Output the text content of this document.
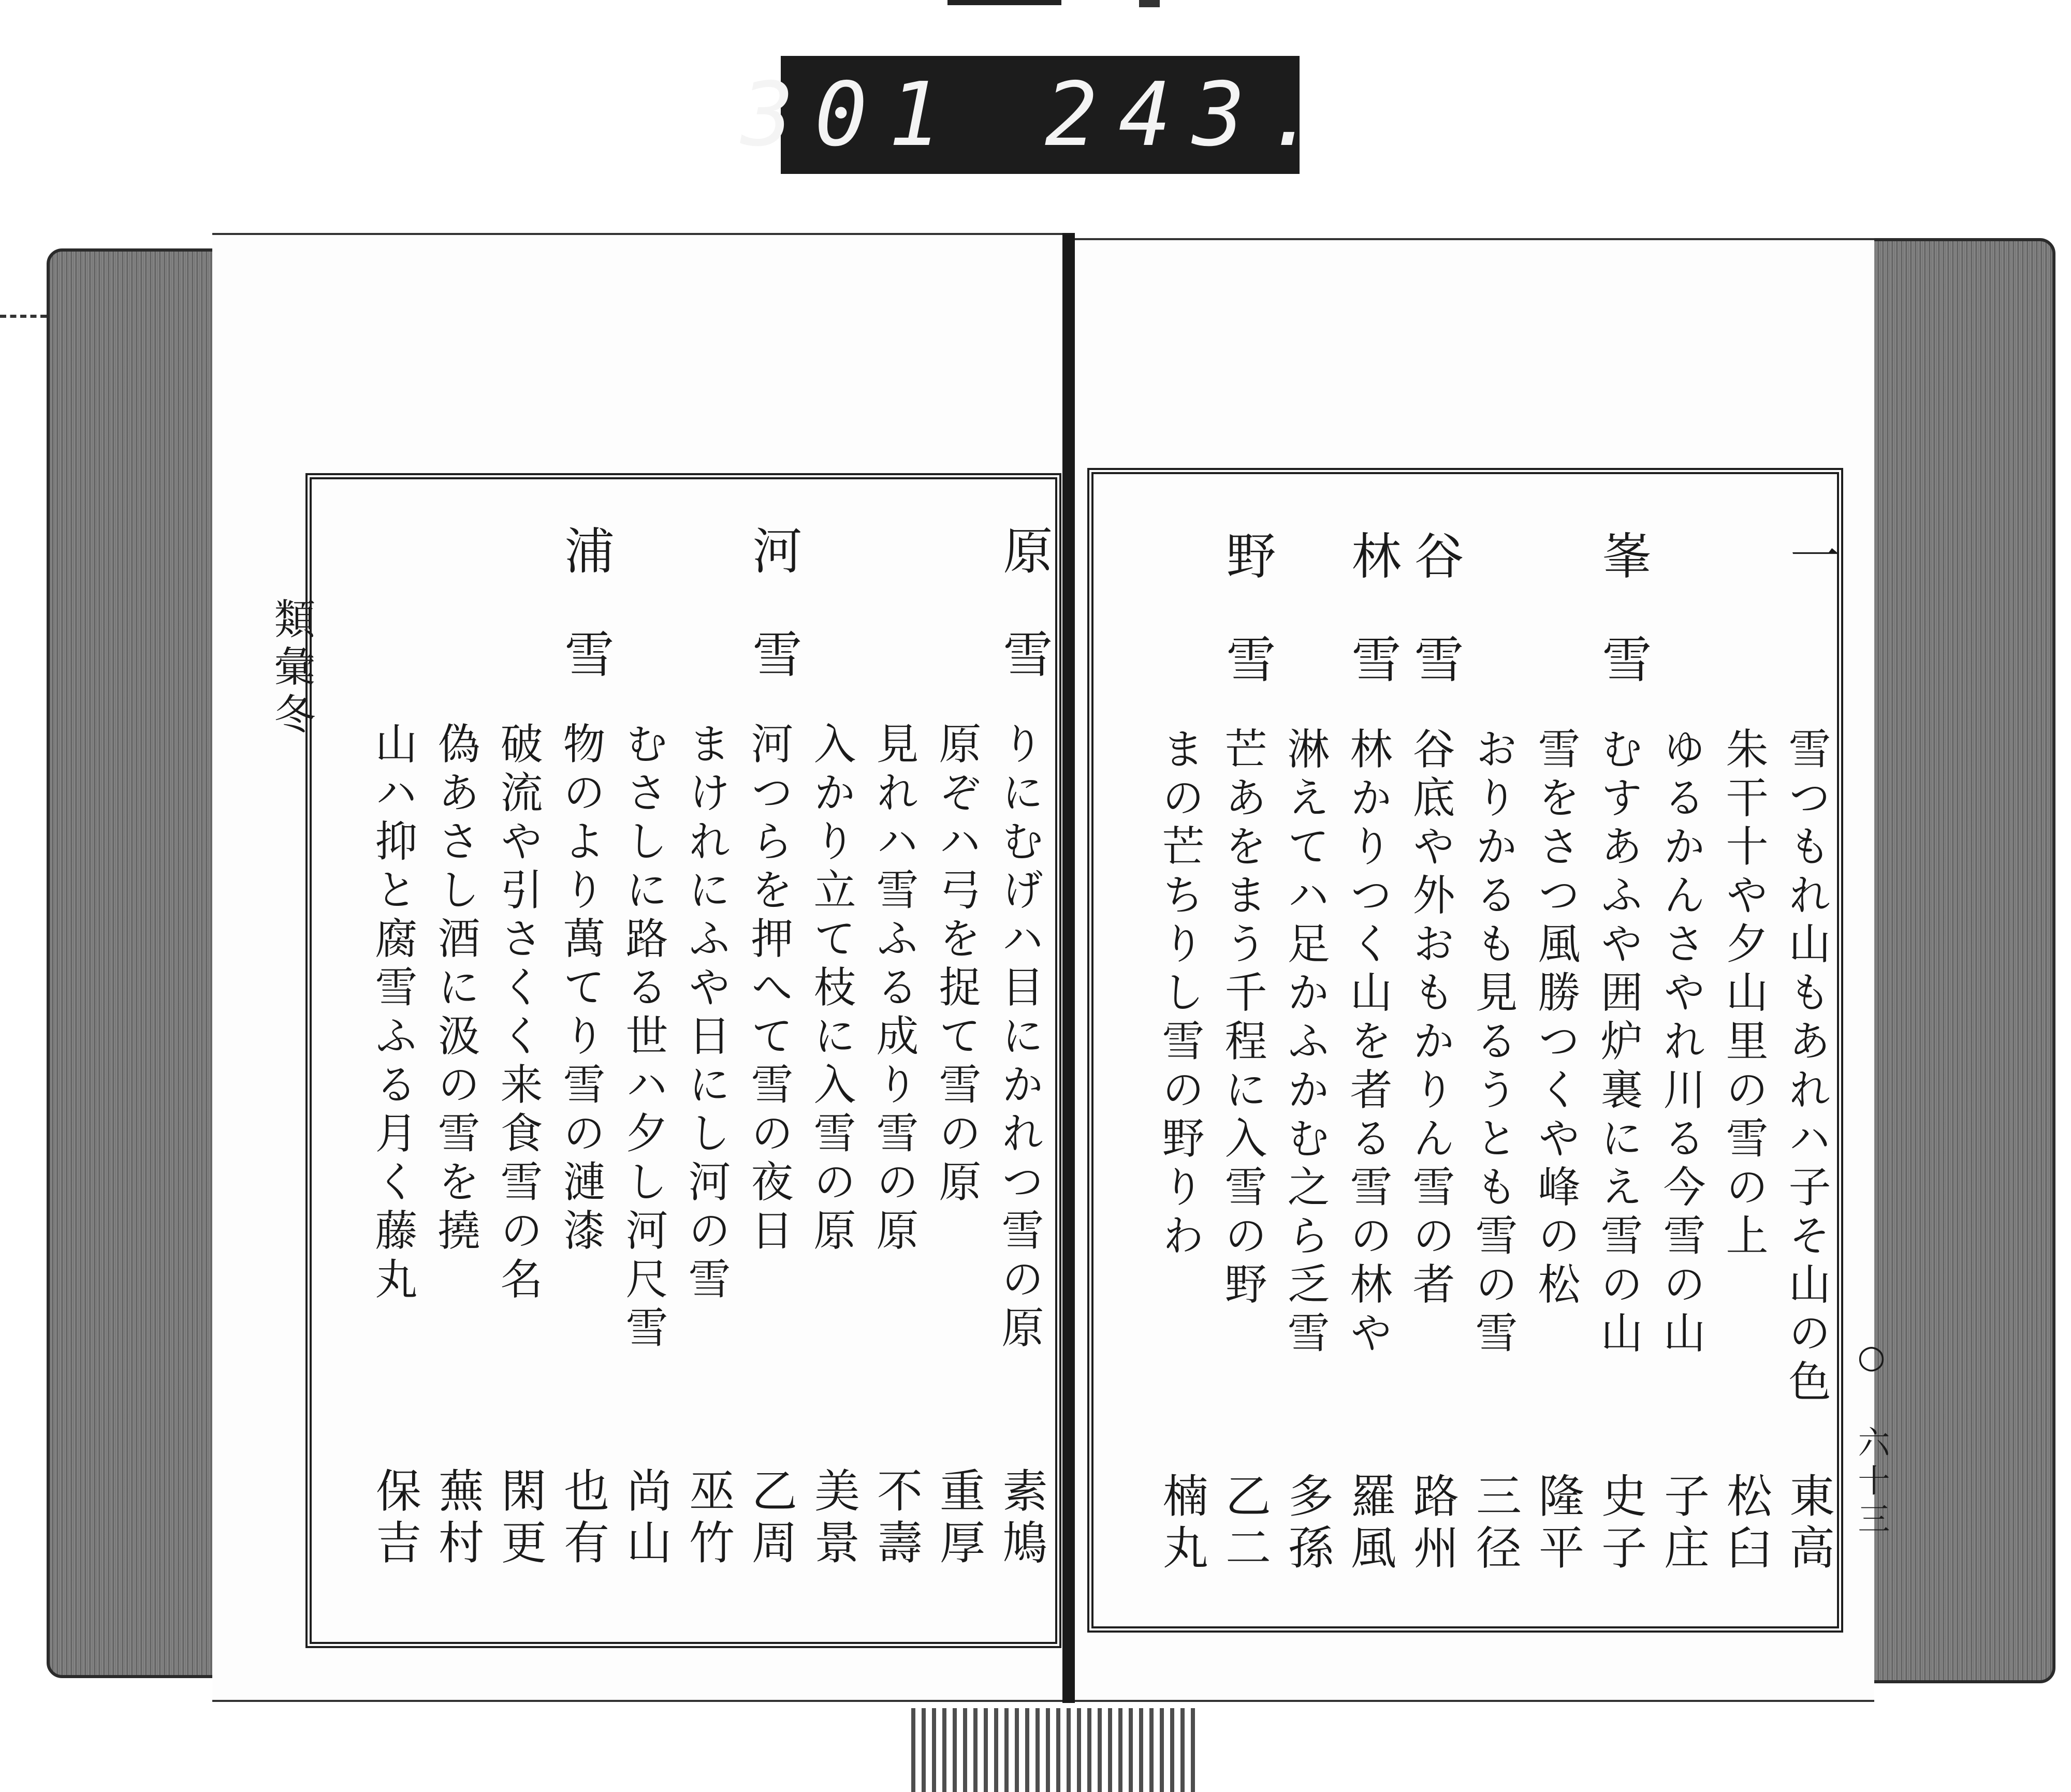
301 243.
類彙冬
原
雪
りにむげハ目にかれつ雪の原
素鳩
原ぞハ弓を捉て雪の原
重厚
見れハ雪ふる成り雪の原
不壽
入かり立て枝に入雪の原
美景
河
雪
河つらを押へて雪の夜日
乙周
まけれにふや日にし河の雪
巫竹
むさしに路る世ハ夕し河尺雪
尚山
浦
雪
物のより萬てり雪の漣漆
也有
破流や引さくく来食雪の名
閑更
偽あさし酒に汲の雪を撓
蕪村
山ハ抑と腐雪ふる月く藤丸
保吉	○ 六十三
一
雪つもれ山もあれハ子そ山の色
東高
朱干十や夕山里の雪の上
松臼
ゆるかんさやれ川る今雪の山
子庄
峯
雪
むすあふや囲炉裏にえ雪の山
史子
雪をさつ風勝つくや峰の松
隆平
おりかるも見るうとも雪の雪
三径
谷
雪
谷底や外おもかりん雪の者
路州
林
雪
林かりつく山を者る雪の林や
羅風
淋えてハ足かふかむ之ら乏雪
多孫
野
雪
芒あをまう千程に入雪の野
乙二
まの芒ちりし雪の野りわ
楠丸
